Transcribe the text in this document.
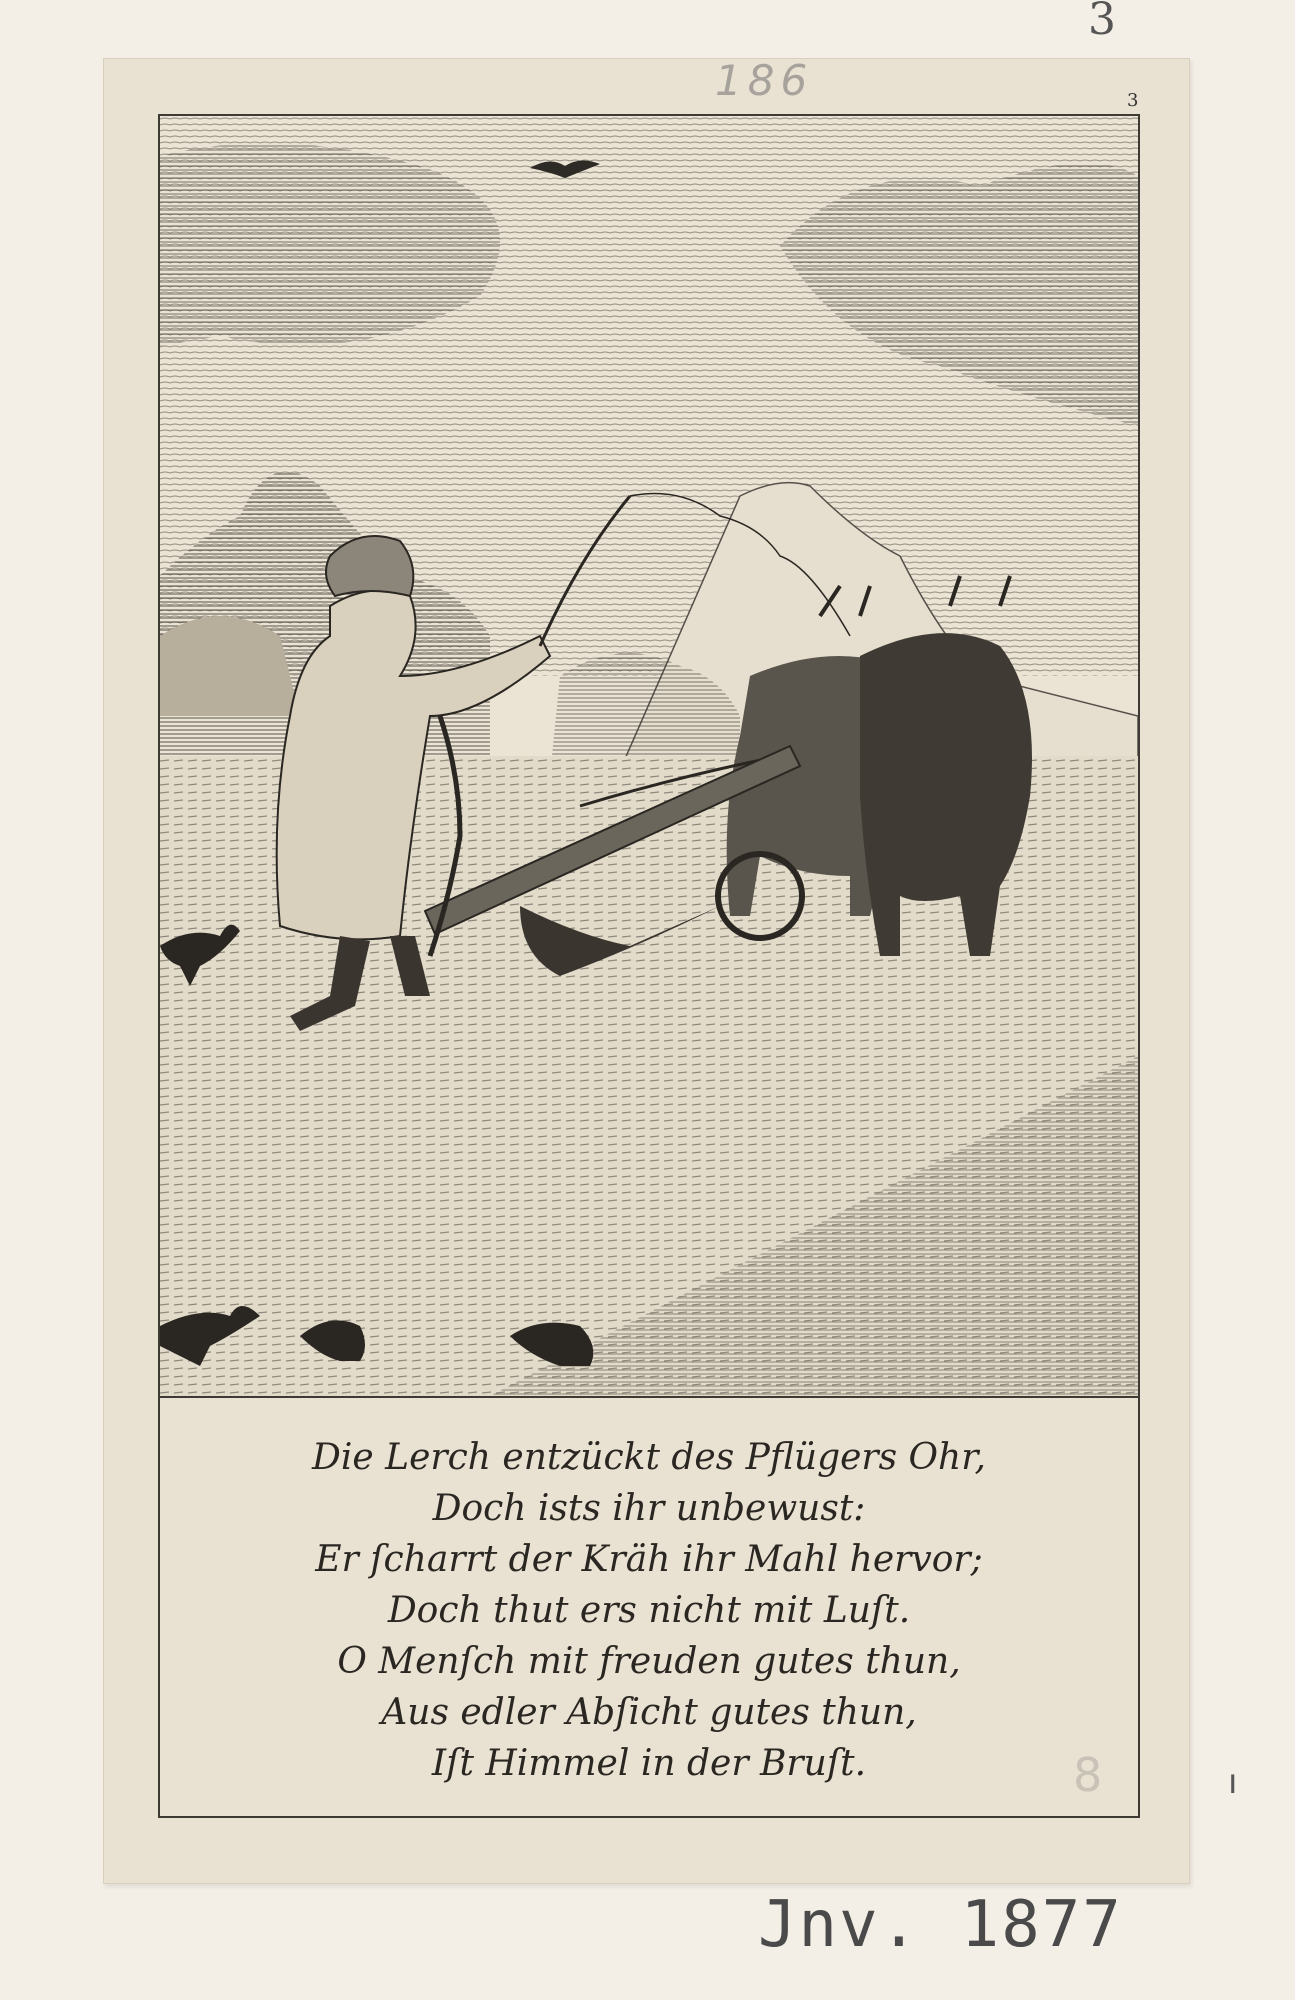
3
186	3
8	ı
Jnv. 1877
Die Lerch entzückt des Pflügers Ohr,
Doch ists ihr unbewust:
Er ſcharrt der Kräh ihr Mahl hervor;
Doch thut ers nicht mit Luſt.
O Menſch mit freuden gutes thun,
Aus edler Abſicht gutes thun,
Iſt Himmel in der Bruſt.
